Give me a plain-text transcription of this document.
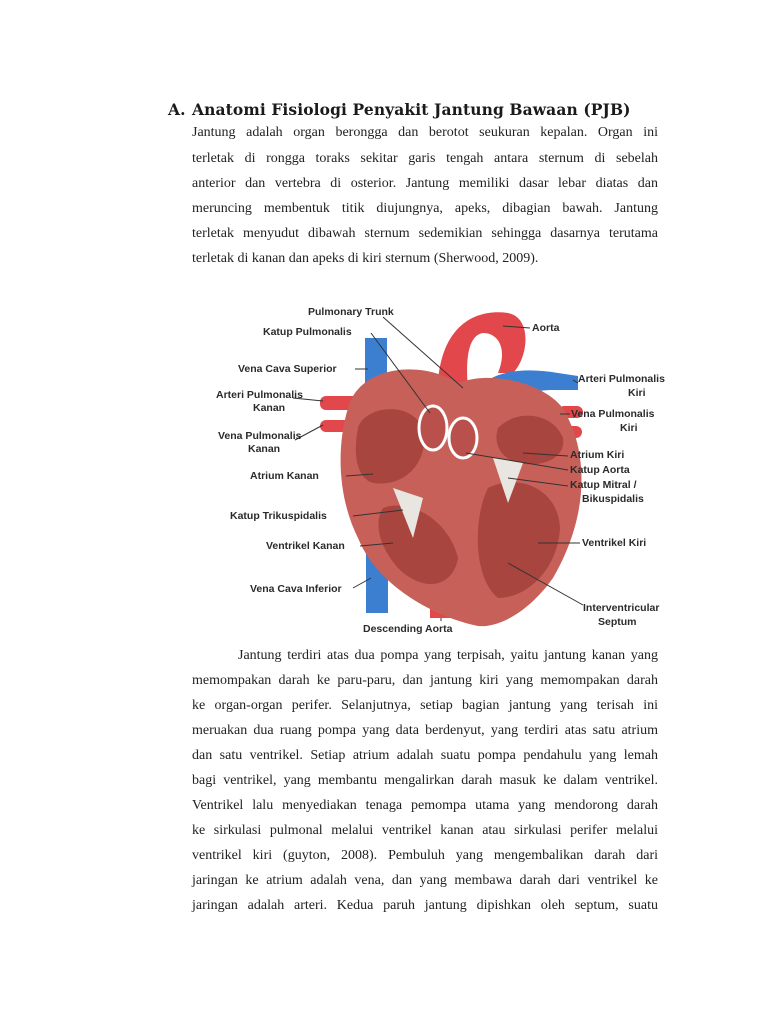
A. Anatomi Fisiologi Penyakit Jantung Bawaan (PJB)
Jantung adalah organ berongga dan berotot seukuran kepalan. Organ ini
terletak di rongga toraks sekitar garis tengah antara sternum di sebelah
anterior dan vertebra di osterior. Jantung memiliki dasar lebar diatas dan
meruncing membentuk titik diujungnya, apeks, dibagian bawah. Jantung
terletak menyudut dibawah sternum sedemikian sehingga dasarnya terutama
terletak di kanan dan apeks di kiri sternum (Sherwood, 2009).
Pulmonary Trunk
Aorta
Katup Pulmonalis
Vena Cava Superior
Arteri Pulmonalis
Kiri
Arteri Pulmonalis
Kanan	Vena Pulmonalis
Kiri
Vena Pulmonalis
Kanan	Atrium Kiri
Katup Aorta
Katup Mitral /
Bikuspidalis
Atrium Kanan
Katup Trikuspidalis
Ventrikel Kiri
Ventrikel Kanan
Vena Cava Inferior
Interventricular
Septum
Descending Aorta
Jantung terdiri atas dua pompa yang terpisah, yaitu jantung kanan yang
memompakan darah ke paru-paru, dan jantung kiri yang memompakan darah
ke organ-organ perifer. Selanjutnya, setiap bagian jantung yang terisah ini
meruakan dua ruang pompa yang data berdenyut, yang terdiri atas satu atrium
dan satu ventrikel. Setiap atrium adalah suatu pompa pendahulu yang lemah
bagi ventrikel, yang membantu mengalirkan darah masuk ke dalam ventrikel.
Ventrikel lalu menyediakan tenaga pemompa utama yang mendorong darah
ke sirkulasi pulmonal melalui ventrikel kanan atau sirkulasi perifer melalui
ventrikel kiri (guyton, 2008). Pembuluh yang mengembalikan darah dari
jaringan ke atrium adalah vena, dan yang membawa darah dari ventrikel ke
jaringan adalah arteri. Kedua paruh jantung dipishkan oleh septum, suatu
